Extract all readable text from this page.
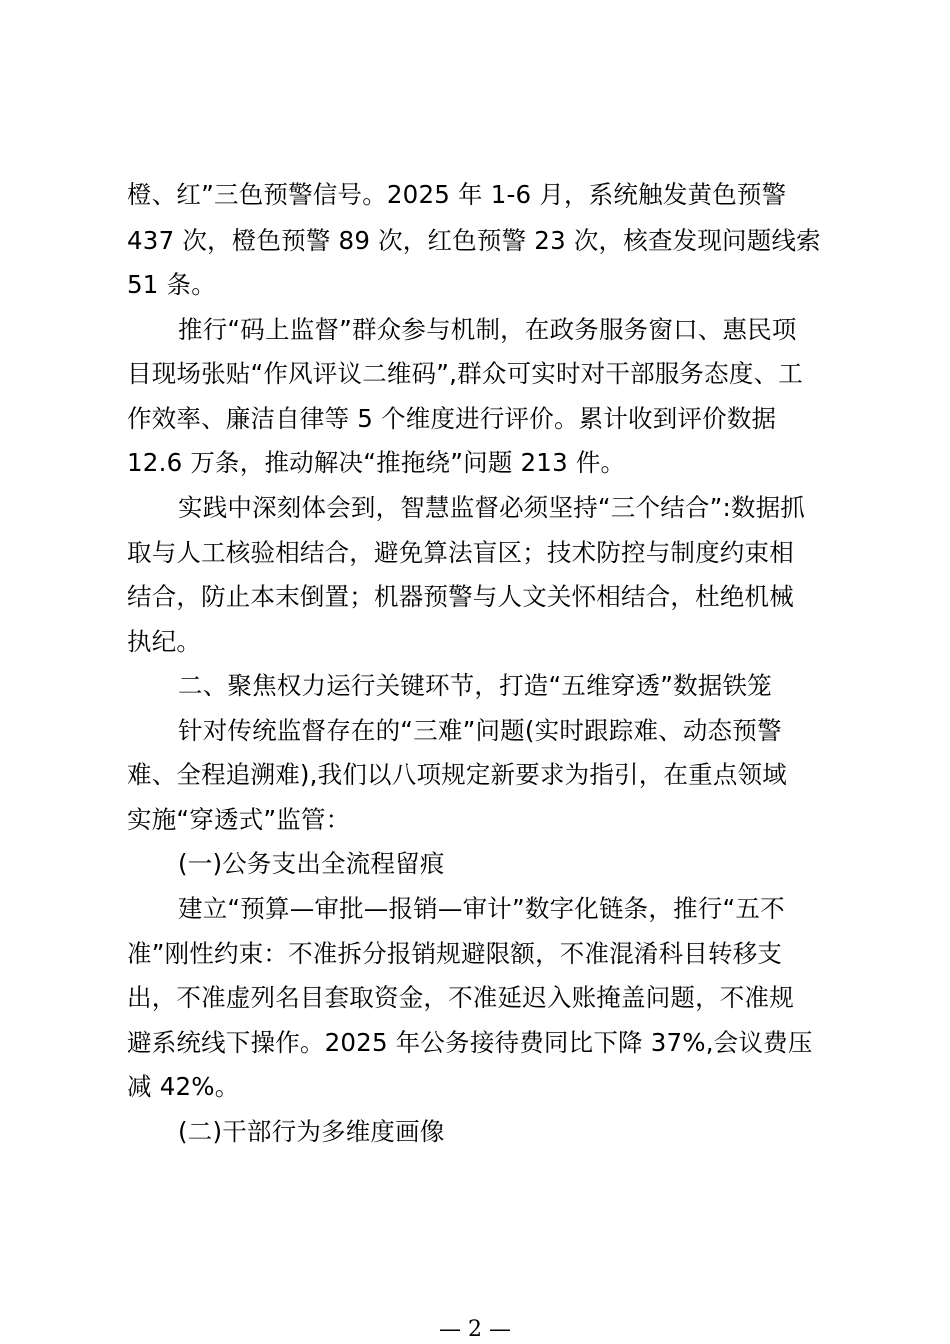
橙、红”三色预警信号。2025 年 1-6 月，系统触发黄色预警
437 次，橙色预警 89 次，红色预警 23 次，核查发现问题线索
51 条。
推行“码上监督”群众参与机制，在政务服务窗口、惠民项
目现场张贴“作风评议二维码”,群众可实时对干部服务态度、工
作效率、廉洁自律等 5 个维度进行评价。累计收到评价数据
12.6 万条，推动解决“推拖绕”问题 213 件。
实践中深刻体会到，智慧监督必须坚持“三个结合”:数据抓
取与人工核验相结合，避免算法盲区；技术防控与制度约束相
结合，防止本末倒置；机器预警与人文关怀相结合，杜绝机械
执纪。
二、聚焦权力运行关键环节，打造“五维穿透”数据铁笼
针对传统监督存在的“三难”问题(实时跟踪难、动态预警
难、全程追溯难),我们以八项规定新要求为指引，在重点领域
实施“穿透式”监管：
(一)公务支出全流程留痕
建立“预算—审批—报销—审计”数字化链条，推行“五不
准”刚性约束：不准拆分报销规避限额，不准混淆科目转移支
出，不准虚列名目套取资金，不准延迟入账掩盖问题，不准规
避系统线下操作。2025 年公务接待费同比下降 37%,会议费压
减 42%。
(二)干部行为多维度画像
— 2 —
